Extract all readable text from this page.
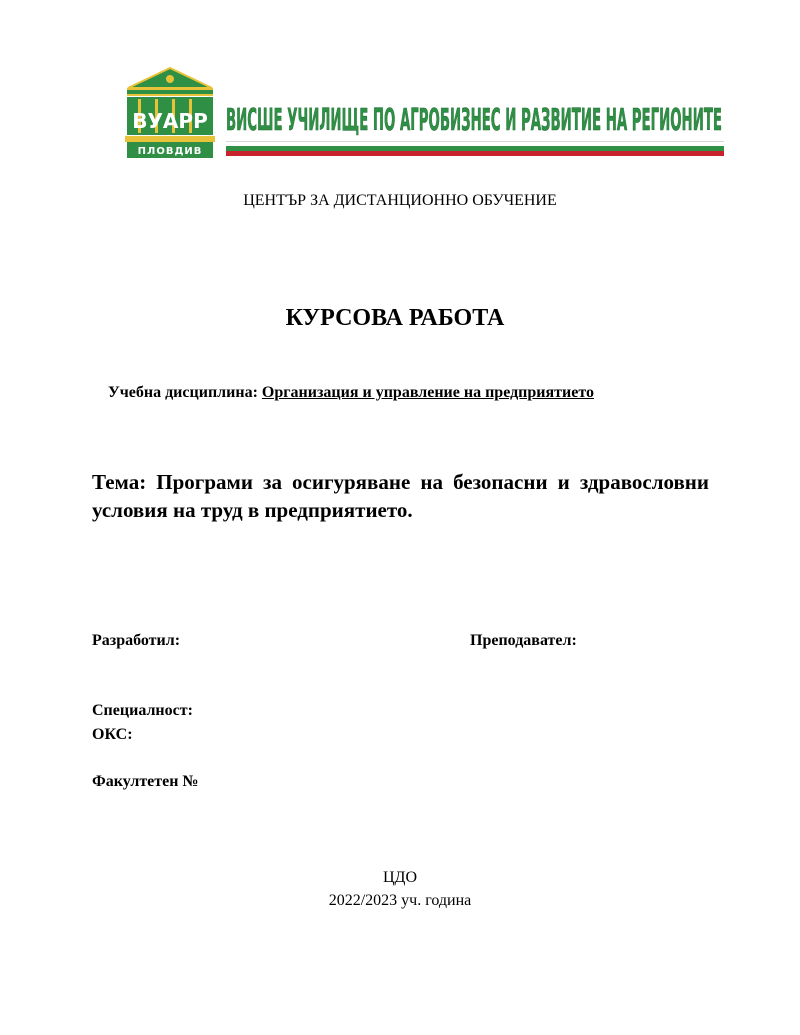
ВУАРР
ПЛОВДИВ
ВИСШЕ УЧИЛИЩЕ ПО АГРОБИЗНЕС И РАЗВИТИЕ НА РЕГИОНИТЕ
ЦЕНТЪР ЗА ДИСТАНЦИОННО ОБУЧЕНИЕ
КУРСОВА РАБОТА
Учебна дисциплина: Организация и управление на предприятието
Тема: Програми за осигуряване на безопасни и здравословни условия на труд в предприятието.
Разработил:	Преподавател:
Специалност:
ОКС:
Факултетен №
ЦДО
2022/2023 уч. година
